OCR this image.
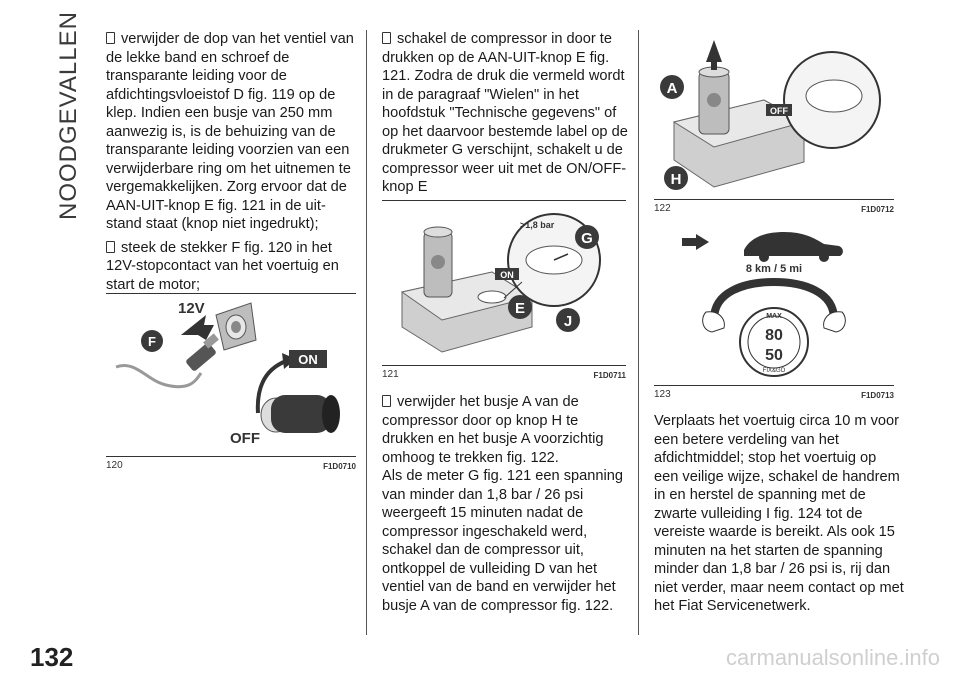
NOODGEVALLEN
132

verwijder de dop van het ventiel van de lekke band en schroef de transparante leiding voor de afdichtingsvloeistof D fig. 119 op de klep. Indien een busje van 250 mm aanwezig is, is de behuizing van de transparante leiding voorzien van een verwijderbare ring om het uitnemen te vergemakkelijken. Zorg ervoor dat de AAN-UIT-knop E fig. 121 in de uit-stand staat (knop niet ingedrukt);

steek de stekker F fig. 120 in het 12V-stopcontact van het voertuig en start de motor;

F
12V
ON
OFF
120	F1D0710

schakel de compressor in door te drukken op de AAN-UIT-knop E fig. 121. Zodra de druk die vermeld wordt in de paragraaf "Wielen" in het hoofdstuk "Technische gegevens" of op het daarvoor bestemde label op de drukmeter G verschijnt, schakelt u de compressor weer uit met de ON/OFF-knop E

>1,8 bar
ON
G
E
J
121	F1D0711

verwijder het busje A van de compressor door op knop H te drukken en het busje A voorzichtig omhoog te trekken fig. 122.

Als de meter G fig. 121 een spanning van minder dan 1,8 bar / 26 psi weergeeft 15 minuten nadat de compressor ingeschakeld werd, schakel dan de compressor uit, ontkoppel de vulleiding D van het ventiel van de band en verwijder het busje A van de compressor fig. 122.

OFF
A
H
122	F1D0712
8 km / 5 mi
MAX
80
50
FIX&GO
123	F1D0713

Verplaats het voertuig circa 10 m voor een betere verdeling van het afdichtmiddel; stop het voertuig op een veilige wijze, schakel de handrem in en herstel de spanning met de zwarte vulleiding I fig. 124 tot de vereiste waarde is bereikt. Als ook 15 minuten na het starten de spanning minder dan 1,8 bar / 26 psi is, rij dan niet verder, maar neem contact op met het Fiat Servicenetwerk.

carmanualsonline.info
